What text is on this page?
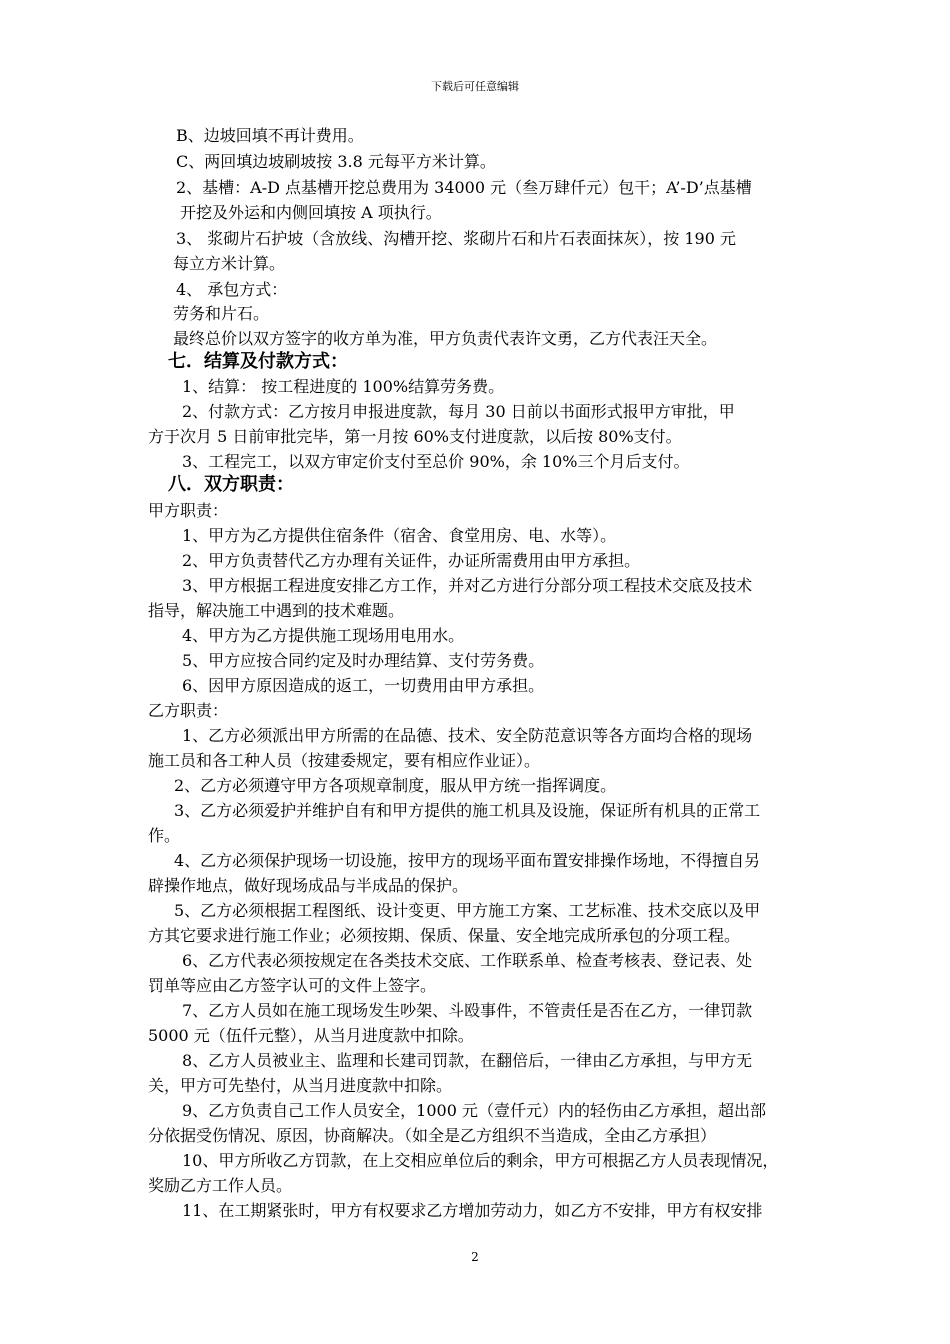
下载后可任意编辑
B、边坡回填不再计费用。
C、两回填边坡刷坡按 3.8 元每平方米计算。
2、基槽：A-D 点基槽开挖总费用为 34000 元（叁万肆仟元）包干；A’-D’点基槽
开挖及外运和内侧回填按 A 项执行。
3、 浆砌片石护坡（含放线、沟槽开挖、浆砌片石和片石表面抹灰），按 190 元
每立方米计算。
4、 承包方式：
劳务和片石。
最终总价以双方签字的收方单为准，甲方负责代表许文勇，乙方代表汪天全。
七．结算及付款方式：
1、结算： 按工程进度的 100%结算劳务费。
2、付款方式：乙方按月申报进度款，每月 30 日前以书面形式报甲方审批，甲
方于次月 5 日前审批完毕，第一月按 60%支付进度款，以后按 80%支付。
3、工程完工，以双方审定价支付至总价 90%，余 10%三个月后支付。
八．双方职责：
甲方职责：
1、甲方为乙方提供住宿条件（宿舍、食堂用房、电、水等）。
2、甲方负责替代乙方办理有关证件，办证所需费用由甲方承担。
3、甲方根据工程进度安排乙方工作，并对乙方进行分部分项工程技术交底及技术
指导，解决施工中遇到的技术难题。
4、甲方为乙方提供施工现场用电用水。
5、甲方应按合同约定及时办理结算、支付劳务费。
6、因甲方原因造成的返工，一切费用由甲方承担。
乙方职责：
1、乙方必须派出甲方所需的在品德、技术、安全防范意识等各方面均合格的现场
施工员和各工种人员（按建委规定，要有相应作业证）。
2、乙方必须遵守甲方各项规章制度，服从甲方统一指挥调度。
3、乙方必须爱护并维护自有和甲方提供的施工机具及设施，保证所有机具的正常工
作。
4、乙方必须保护现场一切设施，按甲方的现场平面布置安排操作场地，不得擅自另
辟操作地点，做好现场成品与半成品的保护。
5、乙方必须根据工程图纸、设计变更、甲方施工方案、工艺标准、技术交底以及甲
方其它要求进行施工作业；必须按期、保质、保量、安全地完成所承包的分项工程。
6、乙方代表必须按规定在各类技术交底、工作联系单、检查考核表、登记表、处
罚单等应由乙方签字认可的文件上签字。
7、乙方人员如在施工现场发生吵架、斗殴事件，不管责任是否在乙方，一律罚款
5000 元（伍仟元整），从当月进度款中扣除。
8、乙方人员被业主、监理和长建司罚款，在翻倍后，一律由乙方承担，与甲方无
关，甲方可先垫付，从当月进度款中扣除。
9、乙方负责自己工作人员安全，1000 元（壹仟元）内的轻伤由乙方承担，超出部
分依据受伤情况、原因，协商解决。（如全是乙方组织不当造成，全由乙方承担）
10、甲方所收乙方罚款，在上交相应单位后的剩余，甲方可根据乙方人员表现情况，
奖励乙方工作人员。
11、在工期紧张时，甲方有权要求乙方增加劳动力，如乙方不安排，甲方有权安排
2
